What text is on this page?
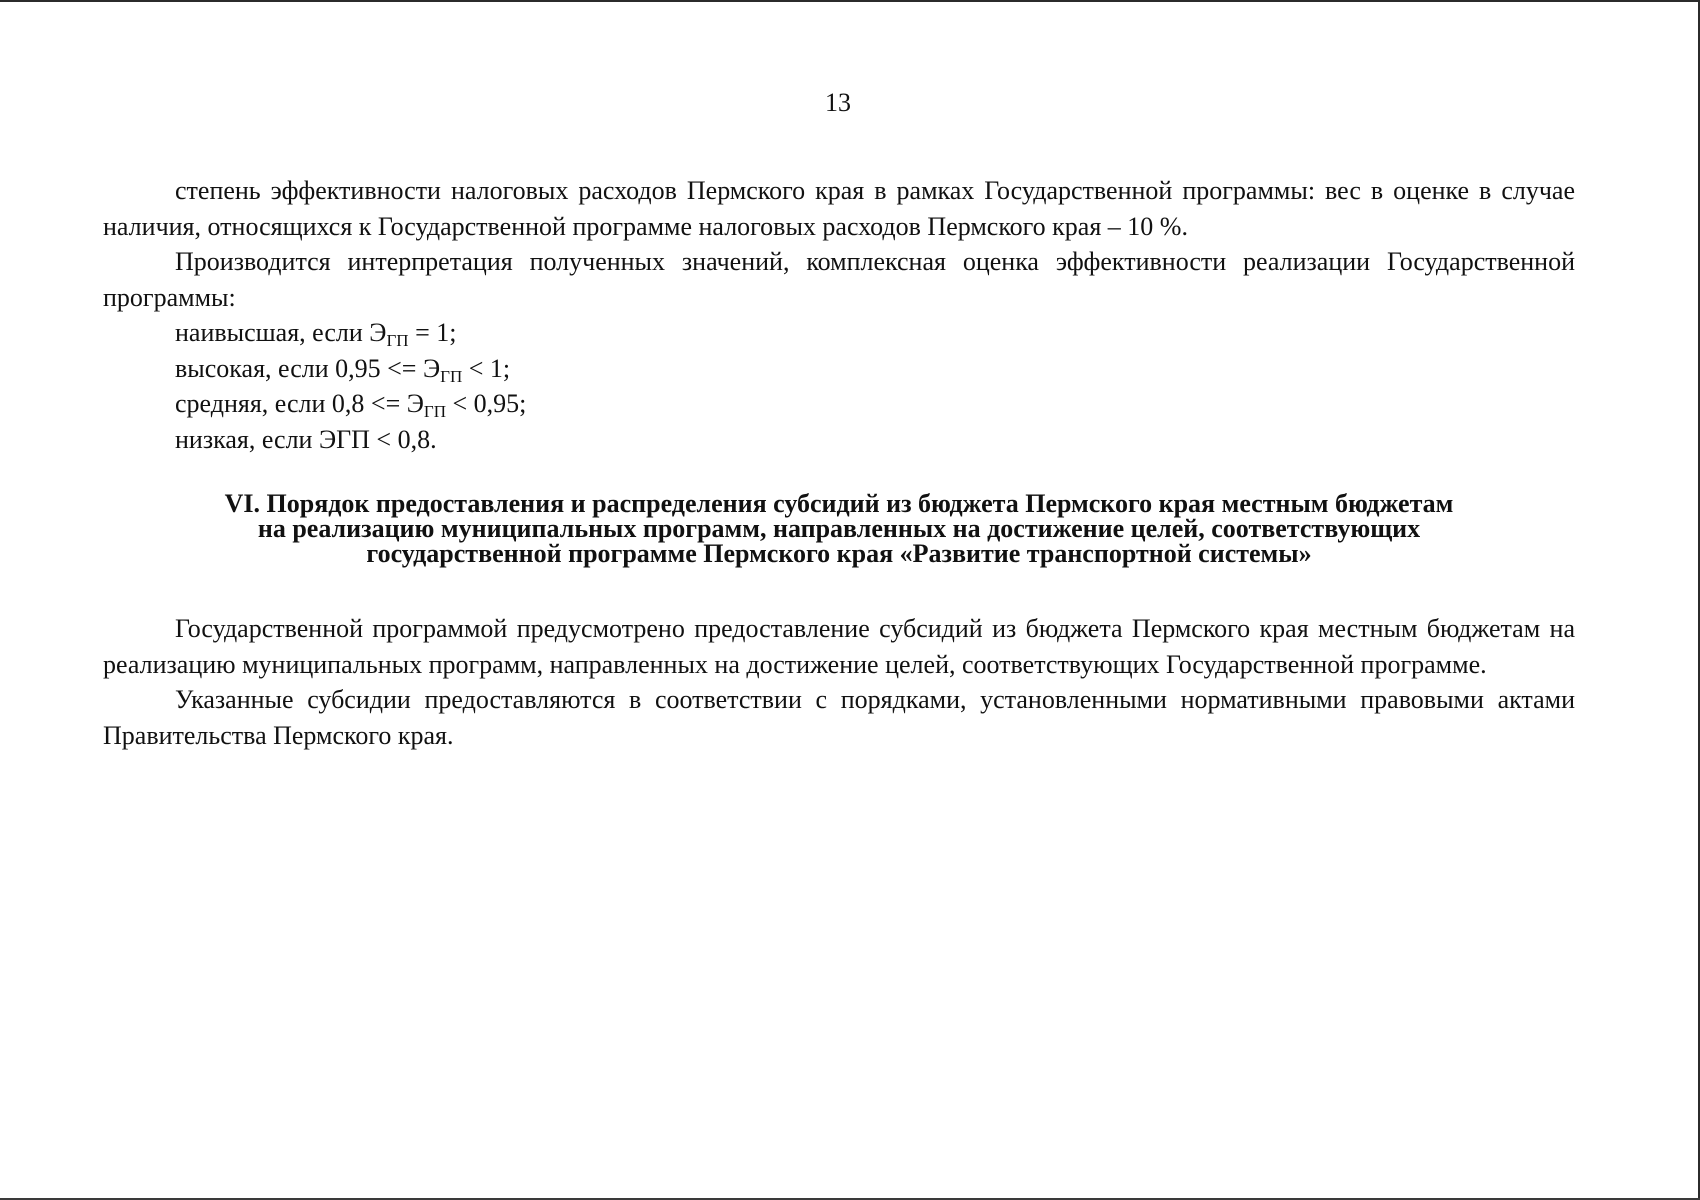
13

степень эффективности налоговых расходов Пермского края в рамках Государственной программы: вес в оценке в случае наличия, относящихся к Государственной программе налоговых расходов Пермского края – 10 %.

Производится интерпретация полученных значений, комплексная оценка эффективности реализации Государственной программы:

наивысшая, если $Э_{ГП} = 1$;

высокая, если $0,95 <= Э_{ГП} < 1$;

средняя, если $0,8 <= Э_{ГП} < 0,95$;

низкая, если ЭГП < 0,8.

VI. Порядок предоставления и распределения субсидий из бюджета Пермского края местным бюджетам
на реализацию муниципальных программ, направленных на достижение целей, соответствующих
государственной программе Пермского края «Развитие транспортной системы»

Государственной программой предусмотрено предоставление субсидий из бюджета Пермского края местным бюджетам на реализацию муниципальных программ, направленных на достижение целей, соответствующих Государственной программе.

Указанные субсидии предоставляются в соответствии с порядками, установленными нормативными правовыми актами Правительства Пермского края.
